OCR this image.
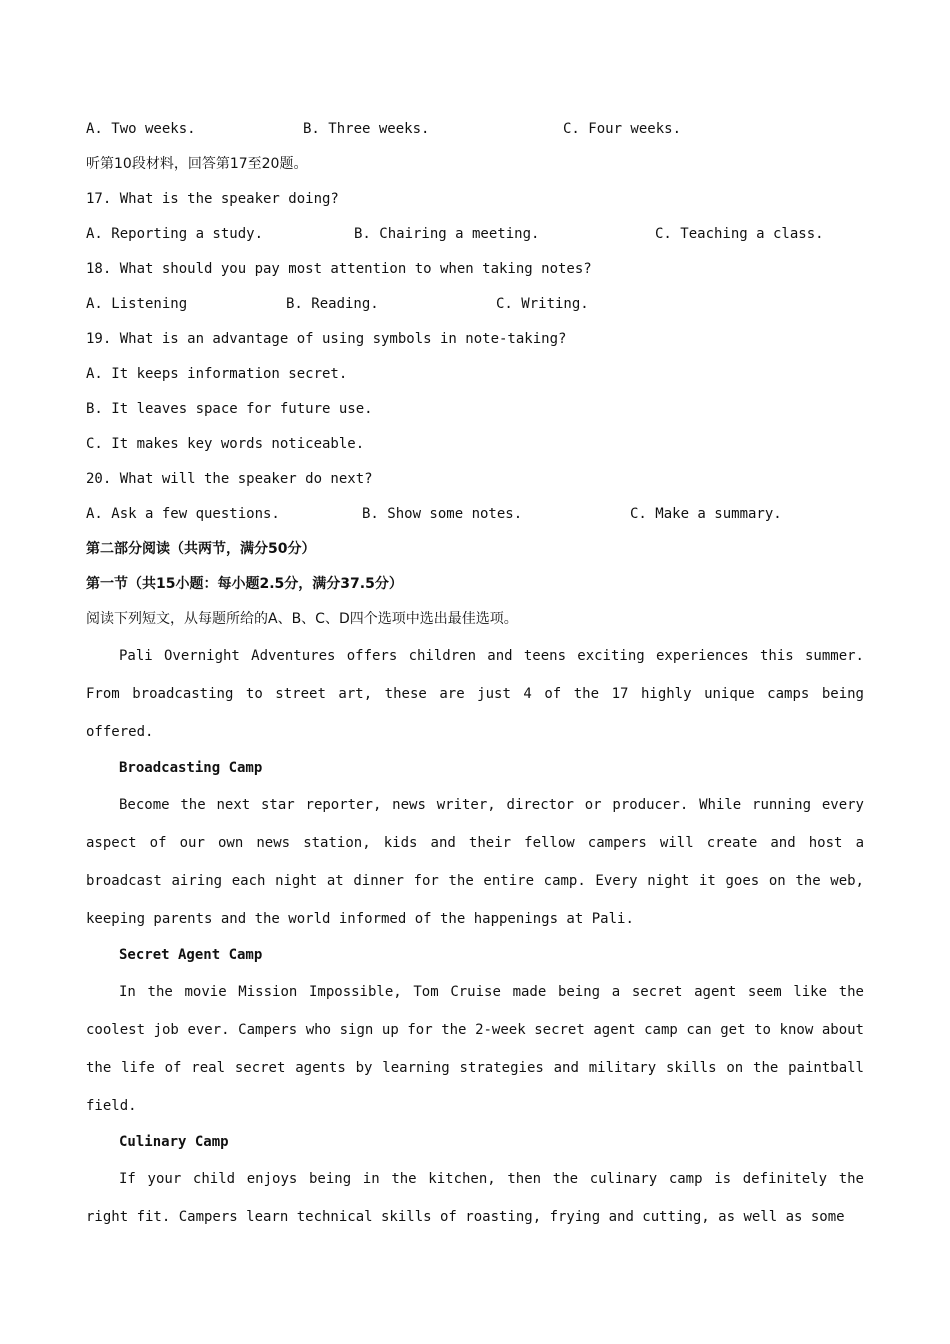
A. Two weeks.	B. Three weeks.	C. Four weeks.
听第10段材料，回答第17至20题。
17. What is the speaker doing?
A. Reporting a study.	B. Chairing a meeting.	C. Teaching a class.
18. What should you pay most attention to when taking notes?
A. Listening	B. Reading.	C. Writing.
19. What is an advantage of using symbols in note-taking?
A. It keeps information secret.
B. It leaves space for future use.
C. It makes key words noticeable.
20. What will the speaker do next?
A. Ask a few questions.	B. Show some notes.	C. Make a summary.
第二部分阅读（共两节，满分50分）
第一节（共15小题：每小题2.5分，满分37.5分）
阅读下列短文，从每题所给的A、B、C、D四个选项中选出最佳选项。

Pali Overnight Adventures offers children and teens exciting experiences this summer. From broadcasting to street art, these are just 4 of the 17 highly unique camps being offered.

Broadcasting Camp

Become the next star reporter, news writer, director or producer. While running every aspect of our own news station, kids and their fellow campers will create and host a broadcast airing each night at dinner for the entire camp. Every night it goes on the web, keeping parents and the world informed of the happenings at Pali.

Secret Agent Camp

In the movie Mission Impossible, Tom Cruise made being a secret agent seem like the coolest job ever. Campers who sign up for the 2-week secret agent camp can get to know about the life of real secret agents by learning strategies and military skills on the paintball field.

Culinary Camp

If your child enjoys being in the kitchen, then the culinary camp is definitely the right fit. Campers learn technical skills of roasting, frying and cutting, as well as some
